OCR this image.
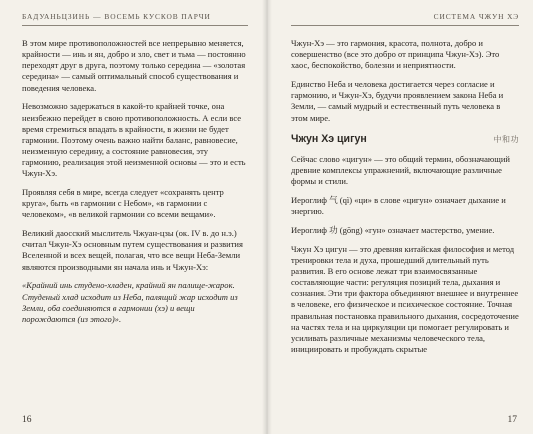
БАДУАНЬЦЗИНЬ — ВОСЕМЬ КУСКОВ ПАРЧИ

В этом мире противоположностей все непрерывно меняется, крайности — инь и ян, добро и зло, свет и тьма — постоянно переходят друг в друга, поэтому только середина — «золотая середина» — самый оптимальный способ существования и поведения человека.

Невозможно задержаться в какой-то крайней точке, она неизбежно перейдет в свою противоположность. А если все время стремиться впадать в крайности, в жизни не будет гармонии. Поэтому очень важно найти баланс, равновесие, неизменную середину, а состояние равновесия, эту гармонию, реализация этой неизменной основы — это и есть Чжун-Хэ.

Проявляя себя в мире, всегда следует «сохранять центр круга», быть «в гармонии с Небом», «в гармонии с человеком», «в великой гармонии со всеми вещами».

Великий даосский мыслитель Чжуан-цзы (ок. IV в. до н.э.) считал Чжун-Хэ основным путем существования и развития Вселенной и всех вещей, полагая, что все вещи Неба-Земли являются производными ян начала инь и Чжун-Хэ:

«Крайний инь студено-хладен, крайний ян палище-жарок. Студеный хлад исходит из Неба, палящий жар исходит из Земли, оба соединяются в гармонии (хэ) и вещи порождаются (из этого)».

16
СИСТЕМА ЧЖУН ХЭ

Чжун-Хэ — это гармония, красота, полнота, добро и совершенство (все это добро от принципа Чжун-Хэ). Это хаос, беспокойство, болезни и неприятности.

Единство Неба и человека достигается через согласие и гармонию, и Чжун-Хэ, будучи проявлением закона Неба и Земли, — самый мудрый и естественный путь человека в этом мире.

Чжун Хэ цигун	中和功

Сейчас слово «цигун» — это общий термин, обозначающий древние комплексы упражнений, включающие различные формы и стили.

Иероглиф 气 (qì) «ци» в слове «цигун» означает дыхание и энергию.

Иероглиф 功 (gōng) «гун» означает мастерство, умение.

Чжун Хэ цигун — это древняя китайская философия и метод тренировки тела и духа, прошедший длительный путь развития. В его основе лежат три взаимосвязанные составляющие части: регуляция позиций тела, дыхания и сознания. Эти три фактора объединяют внешнее и внутреннее в человеке, его физическое и психическое состояние. Точная правильная постановка правильного дыхания, сосредоточение на частях тела и на циркуляции ци помогает регулировать и усиливать различные механизмы человеческого тела, инициировать и пробуждать скрытые

17
